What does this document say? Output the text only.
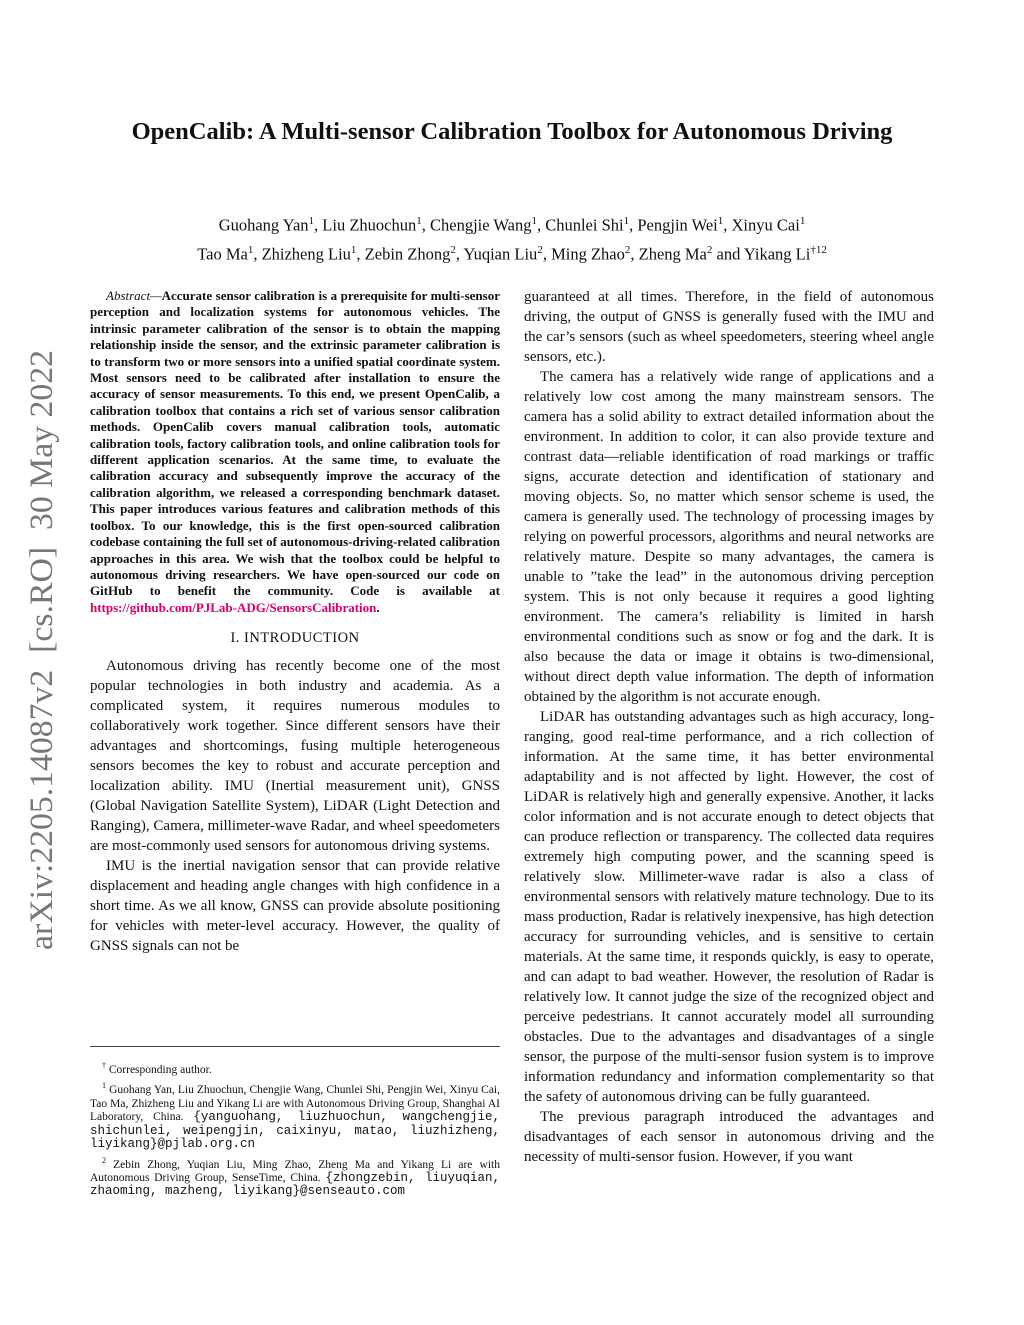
arXiv:2205.14087v2  [cs.RO]  30 May 2022
OpenCalib: A Multi-sensor Calibration Toolbox for Autonomous Driving
Guohang Yan$^1$, Liu Zhuochun$^1$, Chengjie Wang$^1$, Chunlei Shi$^1$, Pengjin Wei$^1$, Xinyu Cai$^1$
Tao Ma$^1$, Zhizheng Liu$^1$, Zebin Zhong$^2$, Yuqian Liu$^2$, Ming Zhao$^2$, Zheng Ma$^2$ and Yikang Li$^{\dagger 12}$
Abstract—Accurate sensor calibration is a prerequisite for multi-sensor perception and localization systems for autonomous vehicles. The intrinsic parameter calibration of the sensor is to obtain the mapping relationship inside the sensor, and the extrinsic parameter calibration is to transform two or more sensors into a unified spatial coordinate system. Most sensors need to be calibrated after installation to ensure the accuracy of sensor measurements. To this end, we present OpenCalib, a calibration toolbox that contains a rich set of various sensor calibration methods. OpenCalib covers manual calibration tools, automatic calibration tools, factory calibration tools, and online calibration tools for different application scenarios. At the same time, to evaluate the calibration accuracy and subsequently improve the accuracy of the calibration algorithm, we released a corresponding benchmark dataset. This paper introduces various features and calibration methods of this toolbox. To our knowledge, this is the first open-sourced calibration codebase containing the full set of autonomous-driving-related calibration approaches in this area. We wish that the toolbox could be helpful to autonomous driving researchers. We have open-sourced our code on GitHub to benefit the community. Code is available at https://github.com/PJLab-ADG/SensorsCalibration.
I. INTRODUCTION

Autonomous driving has recently become one of the most popular technologies in both industry and academia. As a complicated system, it requires numerous modules to collaboratively work together. Since different sensors have their advantages and shortcomings, fusing multiple heterogeneous sensors becomes the key to robust and accurate perception and localization ability. IMU (Inertial measurement unit), GNSS (Global Navigation Satellite System), LiDAR (Light Detection and Ranging), Camera, millimeter-wave Radar, and wheel speedometers are most-commonly used sensors for autonomous driving systems.

IMU is the inertial navigation sensor that can provide relative displacement and heading angle changes with high confidence in a short time. As we all know, GNSS can provide absolute positioning for vehicles with meter-level accuracy. However, the quality of GNSS signals can not be

† Corresponding author.
$^1$ Guohang Yan, Liu Zhuochun, Chengjie Wang, Chunlei Shi, Pengjin Wei, Xinyu Cai, Tao Ma, Zhizheng Liu and Yikang Li are with Autonomous Driving Group, Shanghai AI Laboratory, China. {yanguohang, liuzhuochun, wangchengjie, shichunlei, weipengjin, caixinyu, matao, liuzhizheng, liyikang}@pjlab.org.cn
$^2$ Zebin Zhong, Yuqian Liu, Ming Zhao, Zheng Ma and Yikang Li are with Autonomous Driving Group, SenseTime, China. {zhongzebin, liuyuqian, zhaoming, mazheng, liyikang}@senseauto.com

guaranteed at all times. Therefore, in the field of autonomous driving, the output of GNSS is generally fused with the IMU and the car’s sensors (such as wheel speedometers, steering wheel angle sensors, etc.).

The camera has a relatively wide range of applications and a relatively low cost among the many mainstream sensors. The camera has a solid ability to extract detailed information about the environment. In addition to color, it can also provide texture and contrast data—reliable identification of road markings or traffic signs, accurate detection and identification of stationary and moving objects. So, no matter which sensor scheme is used, the camera is generally used. The technology of processing images by relying on powerful processors, algorithms and neural networks are relatively mature. Despite so many advantages, the camera is unable to ”take the lead” in the autonomous driving perception system. This is not only because it requires a good lighting environment. The camera’s reliability is limited in harsh environmental conditions such as snow or fog and the dark. It is also because the data or image it obtains is two-dimensional, without direct depth value information. The depth of information obtained by the algorithm is not accurate enough.

LiDAR has outstanding advantages such as high accuracy, long-ranging, good real-time performance, and a rich collection of information. At the same time, it has better environmental adaptability and is not affected by light. However, the cost of LiDAR is relatively high and generally expensive. Another, it lacks color information and is not accurate enough to detect objects that can produce reflection or transparency. The collected data requires extremely high computing power, and the scanning speed is relatively slow. Millimeter-wave radar is also a class of environmental sensors with relatively mature technology. Due to its mass production, Radar is relatively inexpensive, has high detection accuracy for surrounding vehicles, and is sensitive to certain materials. At the same time, it responds quickly, is easy to operate, and can adapt to bad weather. However, the resolution of Radar is relatively low. It cannot judge the size of the recognized object and perceive pedestrians. It cannot accurately model all surrounding obstacles. Due to the advantages and disadvantages of a single sensor, the purpose of the multi-sensor fusion system is to improve information redundancy and information complementarity so that the safety of autonomous driving can be fully guaranteed.

The previous paragraph introduced the advantages and disadvantages of each sensor in autonomous driving and the necessity of multi-sensor fusion. However, if you want
